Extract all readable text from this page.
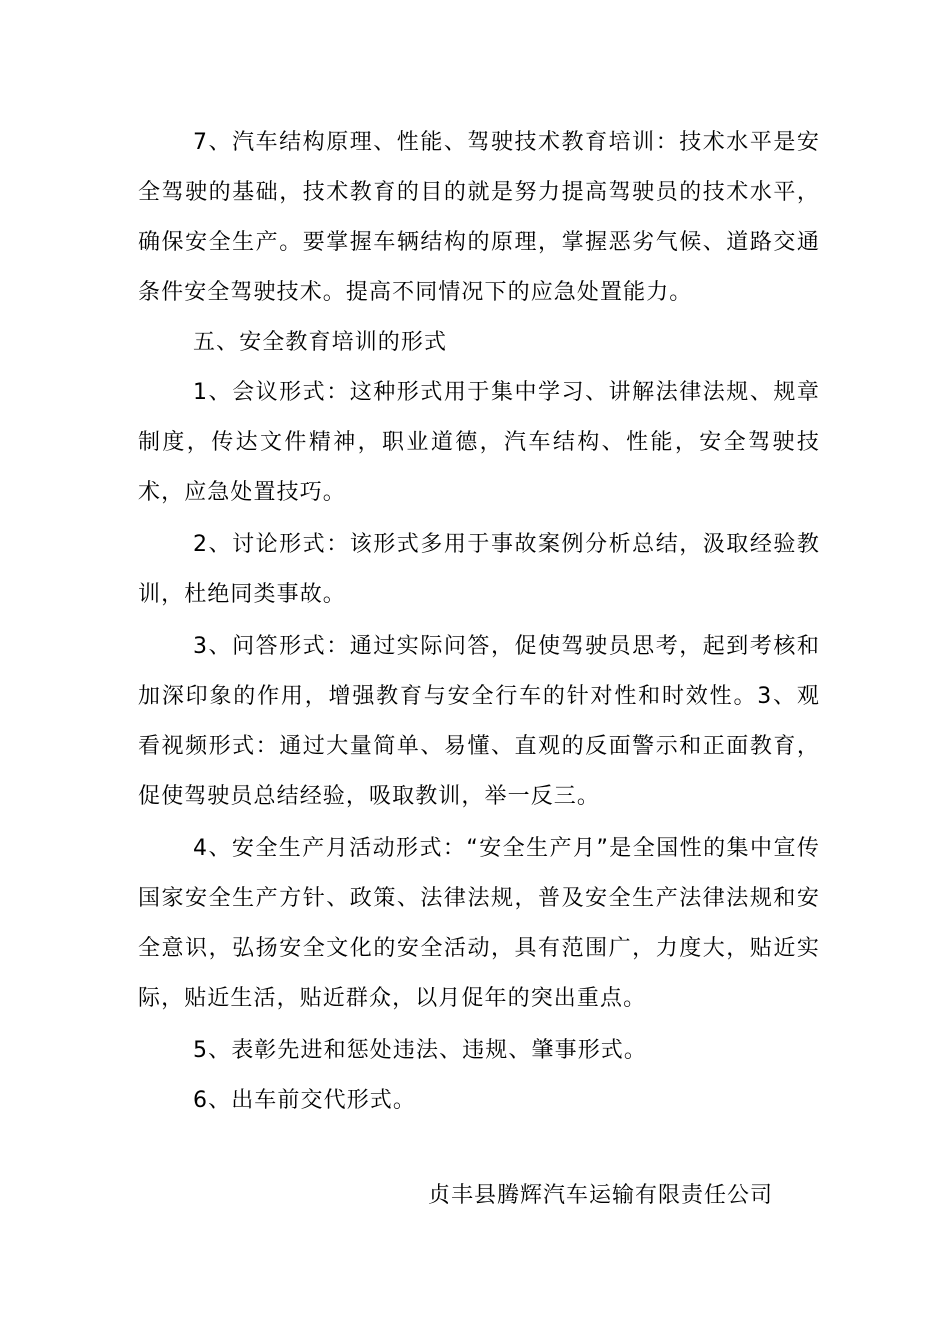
7、汽车结构原理、性能、驾驶技术教育培训：技术水平是安全驾驶的基础，技术教育的目的就是努力提高驾驶员的技术水平，确保安全生产。要掌握车辆结构的原理，掌握恶劣气候、道路交通条件安全驾驶技术。提高不同情况下的应急处置能力。

五、安全教育培训的形式

1、会议形式：这种形式用于集中学习、讲解法律法规、规章制度，传达文件精神，职业道德，汽车结构、性能，安全驾驶技术，应急处置技巧。

2、讨论形式：该形式多用于事故案例分析总结，汲取经验教训，杜绝同类事故。

3、问答形式：通过实际问答，促使驾驶员思考，起到考核和加深印象的作用，增强教育与安全行车的针对性和时效性。3、观看视频形式：通过大量简单、易懂、直观的反面警示和正面教育，促使驾驶员总结经验，吸取教训，举一反三。

4、安全生产月活动形式：“安全生产月”是全国性的集中宣传国家安全生产方针、政策、法律法规，普及安全生产法律法规和安全意识，弘扬安全文化的安全活动，具有范围广，力度大，贴近实际，贴近生活，贴近群众，以月促年的突出重点。

5、表彰先进和惩处违法、违规、肇事形式。

6、出车前交代形式。

贞丰县腾辉汽车运输有限责任公司
